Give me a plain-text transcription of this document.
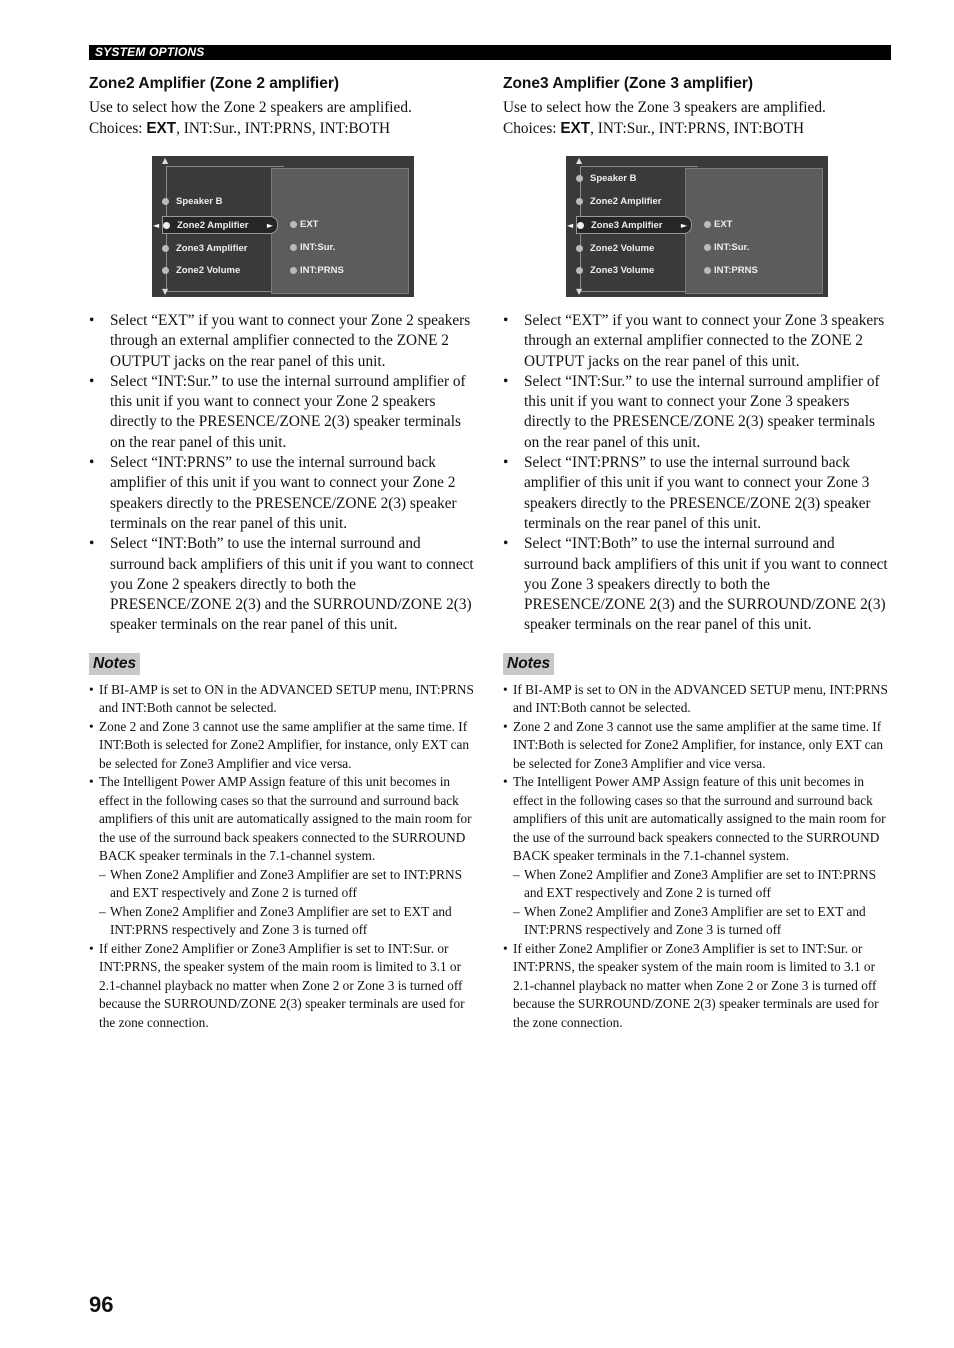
SYSTEM OPTIONS
Zone2 Amplifier (Zone 2 amplifier)

Use to select how the Zone 2 speakers are amplified.
Choices: EXT, INT:Sur., INT:PRNS, INT:BOTH

▲
▼
Speaker B
◄ Zone2 Amplifier ►
Zone3 Amplifier
Zone2 Volume
EXT
INT:Sur.
INT:PRNS
• Select “EXT” if you want to connect your Zone 2 speakers through an external amplifier connected to the ZONE 2 OUTPUT jacks on the rear panel of this unit.
• Select “INT:Sur.” to use the internal surround amplifier of this unit if you want to connect your Zone 2 speakers directly to the PRESENCE/ZONE 2(3) speaker terminals on the rear panel of this unit.
• Select “INT:PRNS” to use the internal surround back amplifier of this unit if you want to connect your Zone 2 speakers directly to the PRESENCE/ZONE 2(3) speaker terminals on the rear panel of this unit.
• Select “INT:Both” to use the internal surround and surround back amplifiers of this unit if you want to connect you Zone 2 speakers directly to both the PRESENCE/ZONE 2(3) and the SURROUND/ZONE 2(3) speaker terminals on the rear panel of this unit.
Notes
• If BI-AMP is set to ON in the ADVANCED SETUP menu, INT:PRNS and INT:Both cannot be selected.
• Zone 2 and Zone 3 cannot use the same amplifier at the same time. If INT:Both is selected for Zone2 Amplifier, for instance, only EXT can be selected for Zone3 Amplifier and vice versa.
• The Intelligent Power AMP Assign feature of this unit becomes in effect in the following cases so that the surround and surround back amplifiers of this unit are automatically assigned to the main room for the use of the surround back speakers connected to the SURROUND BACK speaker terminals in the 7.1-channel system.
– When Zone2 Amplifier and Zone3 Amplifier are set to INT:PRNS and EXT respectively and Zone 2 is turned off
– When Zone2 Amplifier and Zone3 Amplifier are set to EXT and INT:PRNS respectively and Zone 3 is turned off
• If either Zone2 Amplifier or Zone3 Amplifier is set to INT:Sur. or INT:PRNS, the speaker system of the main room is limited to 3.1 or 2.1-channel playback no matter when Zone 2 or Zone 3 is turned off because the SURROUND/ZONE 2(3) speaker terminals are used for the zone connection.
Zone3 Amplifier (Zone 3 amplifier)

Use to select how the Zone 3 speakers are amplified.
Choices: EXT, INT:Sur., INT:PRNS, INT:BOTH

▲
▼
Speaker B
Zone2 Amplifier
◄ Zone3 Amplifier ►
Zone2 Volume
Zone3 Volume
EXT
INT:Sur.
INT:PRNS
• Select “EXT” if you want to connect your Zone 3 speakers through an external amplifier connected to the ZONE 2 OUTPUT jacks on the rear panel of this unit.
• Select “INT:Sur.” to use the internal surround amplifier of this unit if you want to connect your Zone 3 speakers directly to the PRESENCE/ZONE 2(3) speaker terminals on the rear panel of this unit.
• Select “INT:PRNS” to use the internal surround back amplifier of this unit if you want to connect your Zone 3 speakers directly to the PRESENCE/ZONE 2(3) speaker terminals on the rear panel of this unit.
• Select “INT:Both” to use the internal surround and surround back amplifiers of this unit if you want to connect you Zone 3 speakers directly to both the PRESENCE/ZONE 2(3) and the SURROUND/ZONE 2(3) speaker terminals on the rear panel of this unit.
Notes
• If BI-AMP is set to ON in the ADVANCED SETUP menu, INT:PRNS and INT:Both cannot be selected.
• Zone 2 and Zone 3 cannot use the same amplifier at the same time. If INT:Both is selected for Zone2 Amplifier, for instance, only EXT can be selected for Zone3 Amplifier and vice versa.
• The Intelligent Power AMP Assign feature of this unit becomes in effect in the following cases so that the surround and surround back amplifiers of this unit are automatically assigned to the main room for the use of the surround back speakers connected to the SURROUND BACK speaker terminals in the 7.1-channel system.
– When Zone2 Amplifier and Zone3 Amplifier are set to INT:PRNS and EXT respectively and Zone 2 is turned off
– When Zone2 Amplifier and Zone3 Amplifier are set to EXT and INT:PRNS respectively and Zone 3 is turned off
• If either Zone2 Amplifier or Zone3 Amplifier is set to INT:Sur. or INT:PRNS, the speaker system of the main room is limited to 3.1 or 2.1-channel playback no matter when Zone 2 or Zone 3 is turned off because the SURROUND/ZONE 2(3) speaker terminals are used for the zone connection.
96
